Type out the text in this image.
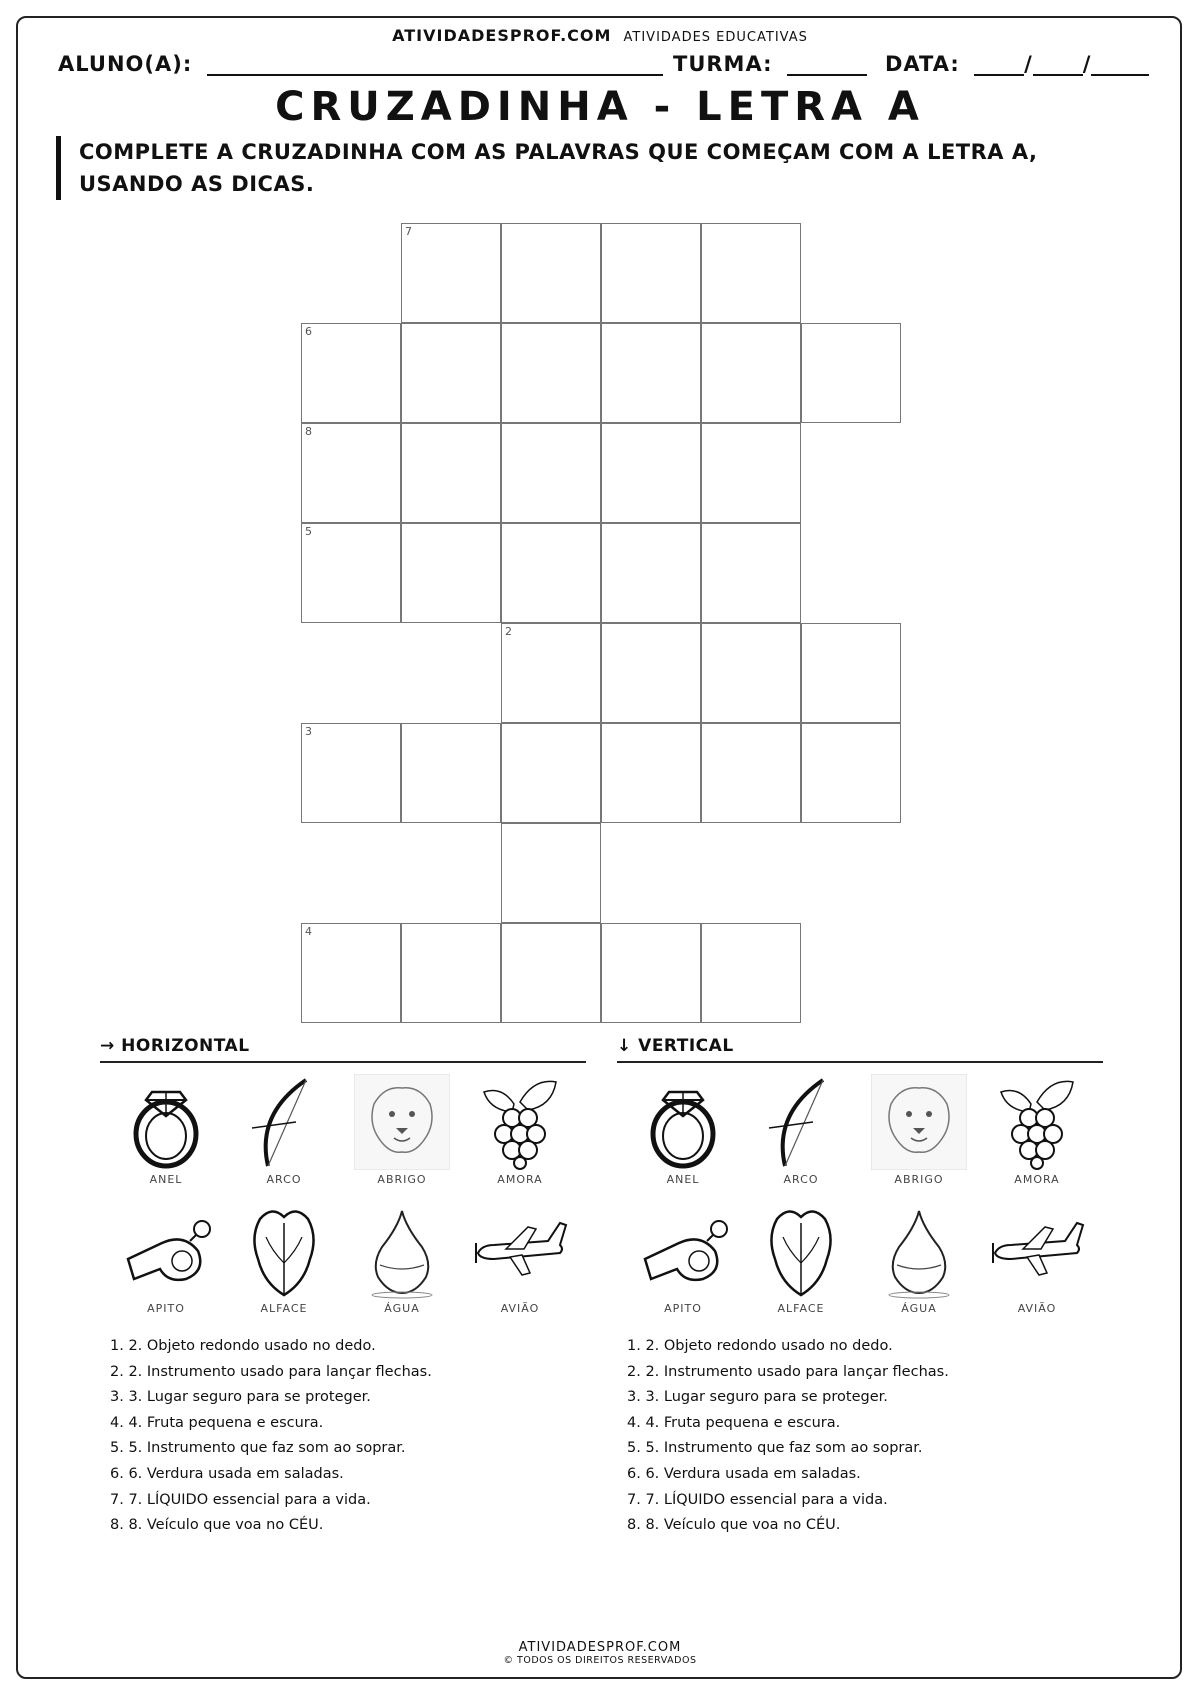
ATIVIDADESPROF.COM ATIVIDADES EDUCATIVAS
ALUNO(A):	TURMA:	DATA:	/ /
CRUZADINHA - LETRA A
COMPLETE A CRUZADINHA COM AS PALAVRAS QUE COMEÇAM COM A LETRA A,
USANDO AS DICAS.
7
6
8
5
2
3
4
→ HORIZONTAL	↓ VERTICAL
ANEL	ARCO	ABRIGO	AMORA
APITO	ALFACE	ÁGUA	AVIÃO
ANEL	ARCO	ABRIGO	AMORA
APITO	ALFACE	ÁGUA	AVIÃO
1. 2. Objeto redondo usado no dedo.
2. 2. Instrumento usado para lançar flechas.
3. 3. Lugar seguro para se proteger.
4. 4. Fruta pequena e escura.
5. 5. Instrumento que faz som ao soprar.
6. 6. Verdura usada em saladas.
7. 7. LÍQUIDO essencial para a vida.
8. 8. Veículo que voa no CÉU.
1. 2. Objeto redondo usado no dedo.
2. 2. Instrumento usado para lançar flechas.
3. 3. Lugar seguro para se proteger.
4. 4. Fruta pequena e escura.
5. 5. Instrumento que faz som ao soprar.
6. 6. Verdura usada em saladas.
7. 7. LÍQUIDO essencial para a vida.
8. 8. Veículo que voa no CÉU.
ATIVIDADESPROF.COM
© TODOS OS DIREITOS RESERVADOS
